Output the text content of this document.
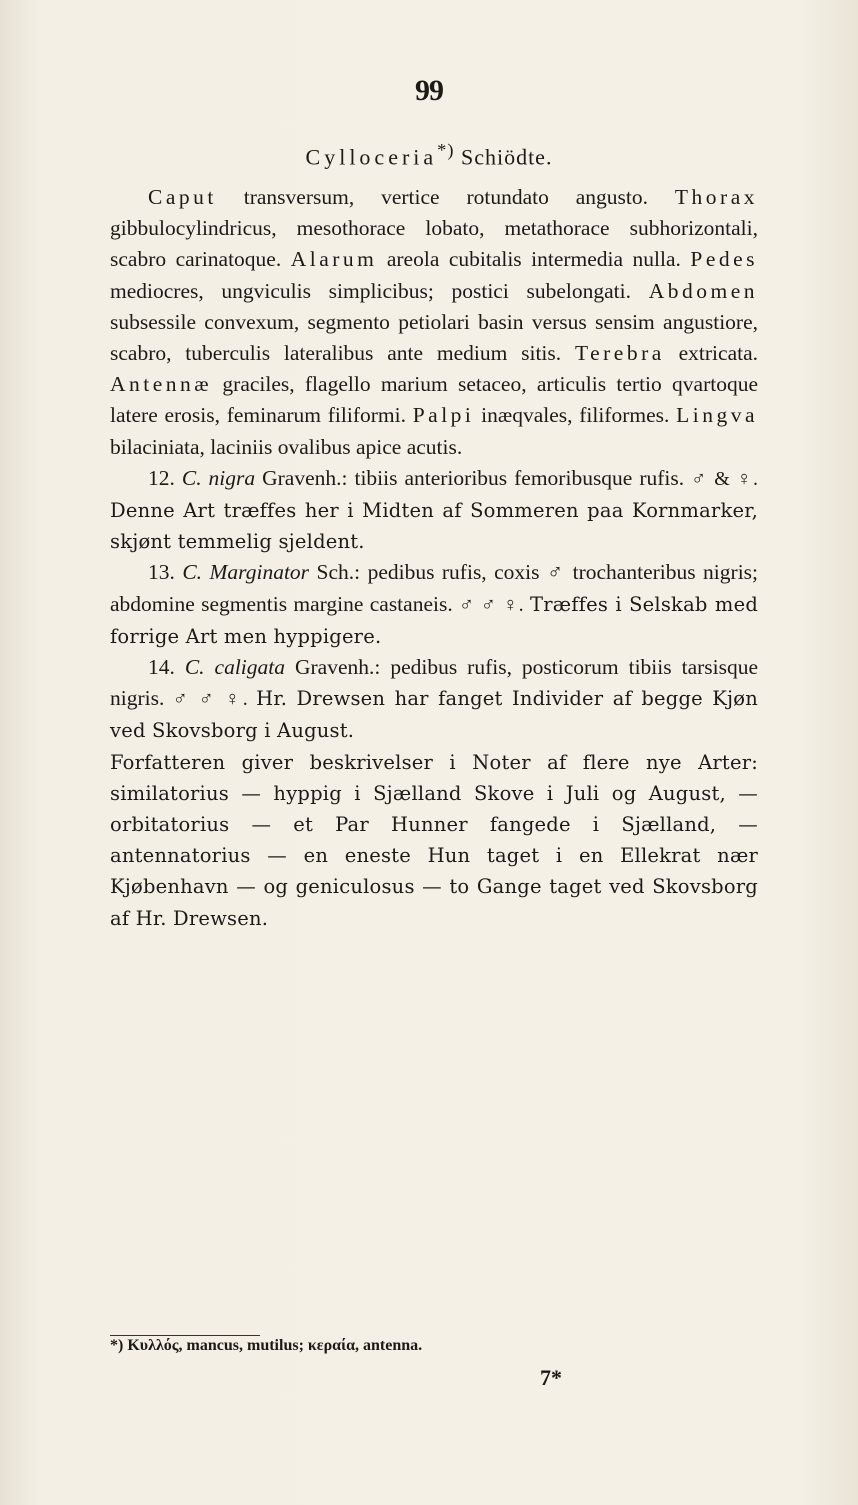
99
Cylloceria*) Schiödte.

Caput transversum, vertice rotundato angusto. Thorax gibbulocylindricus, mesothorace lobato, metathorace subhorizontali, scabro carinatoque. Alarum areola cubitalis intermedia nulla. Pedes mediocres, ungviculis simplicibus; postici subelongati. Abdomen subsessile convexum, segmento petiolari basin versus sensim angustiore, scabro, tuberculis lateralibus ante medium sitis. Terebra extricata. Antennæ graciles, flagello marium setaceo, articulis tertio qvartoque latere erosis, feminarum filiformi. Palpi inæqvales, filiformes. Lingva bilaciniata, laciniis ovalibus apice acutis.

12. C. nigra Gravenh.: tibiis anterioribus femoribusque rufis. ♂ & ♀. Denne Art træffes her i Midten af Sommeren paa Kornmarker, skjønt temmelig sjeldent.

13. C. Marginator Sch.: pedibus rufis, coxis ♂ trochanteribus nigris; abdomine segmentis margine castaneis. ♂ ♂ ♀. Træffes i Selskab med forrige Art men hyppigere.

14. C. caligata Gravenh.: pedibus rufis, posticorum tibiis tarsisque nigris. ♂ ♂ ♀. Hr. Drewsen har fanget Individer af begge Kjøn ved Skovsborg i August.

Forfatteren giver beskrivelser i Noter af flere nye Arter: similatorius — hyppig i Sjælland Skove i Juli og August, — orbitatorius — et Par Hunner fangede i Sjælland, — antennatorius — en eneste Hun taget i en Ellekrat nær Kjøbenhavn — og geniculosus — to Gange taget ved Skovsborg af Hr. Drewsen.

*) Κυλλός, mancus, mutilus; κεραία, antenna.
7*
